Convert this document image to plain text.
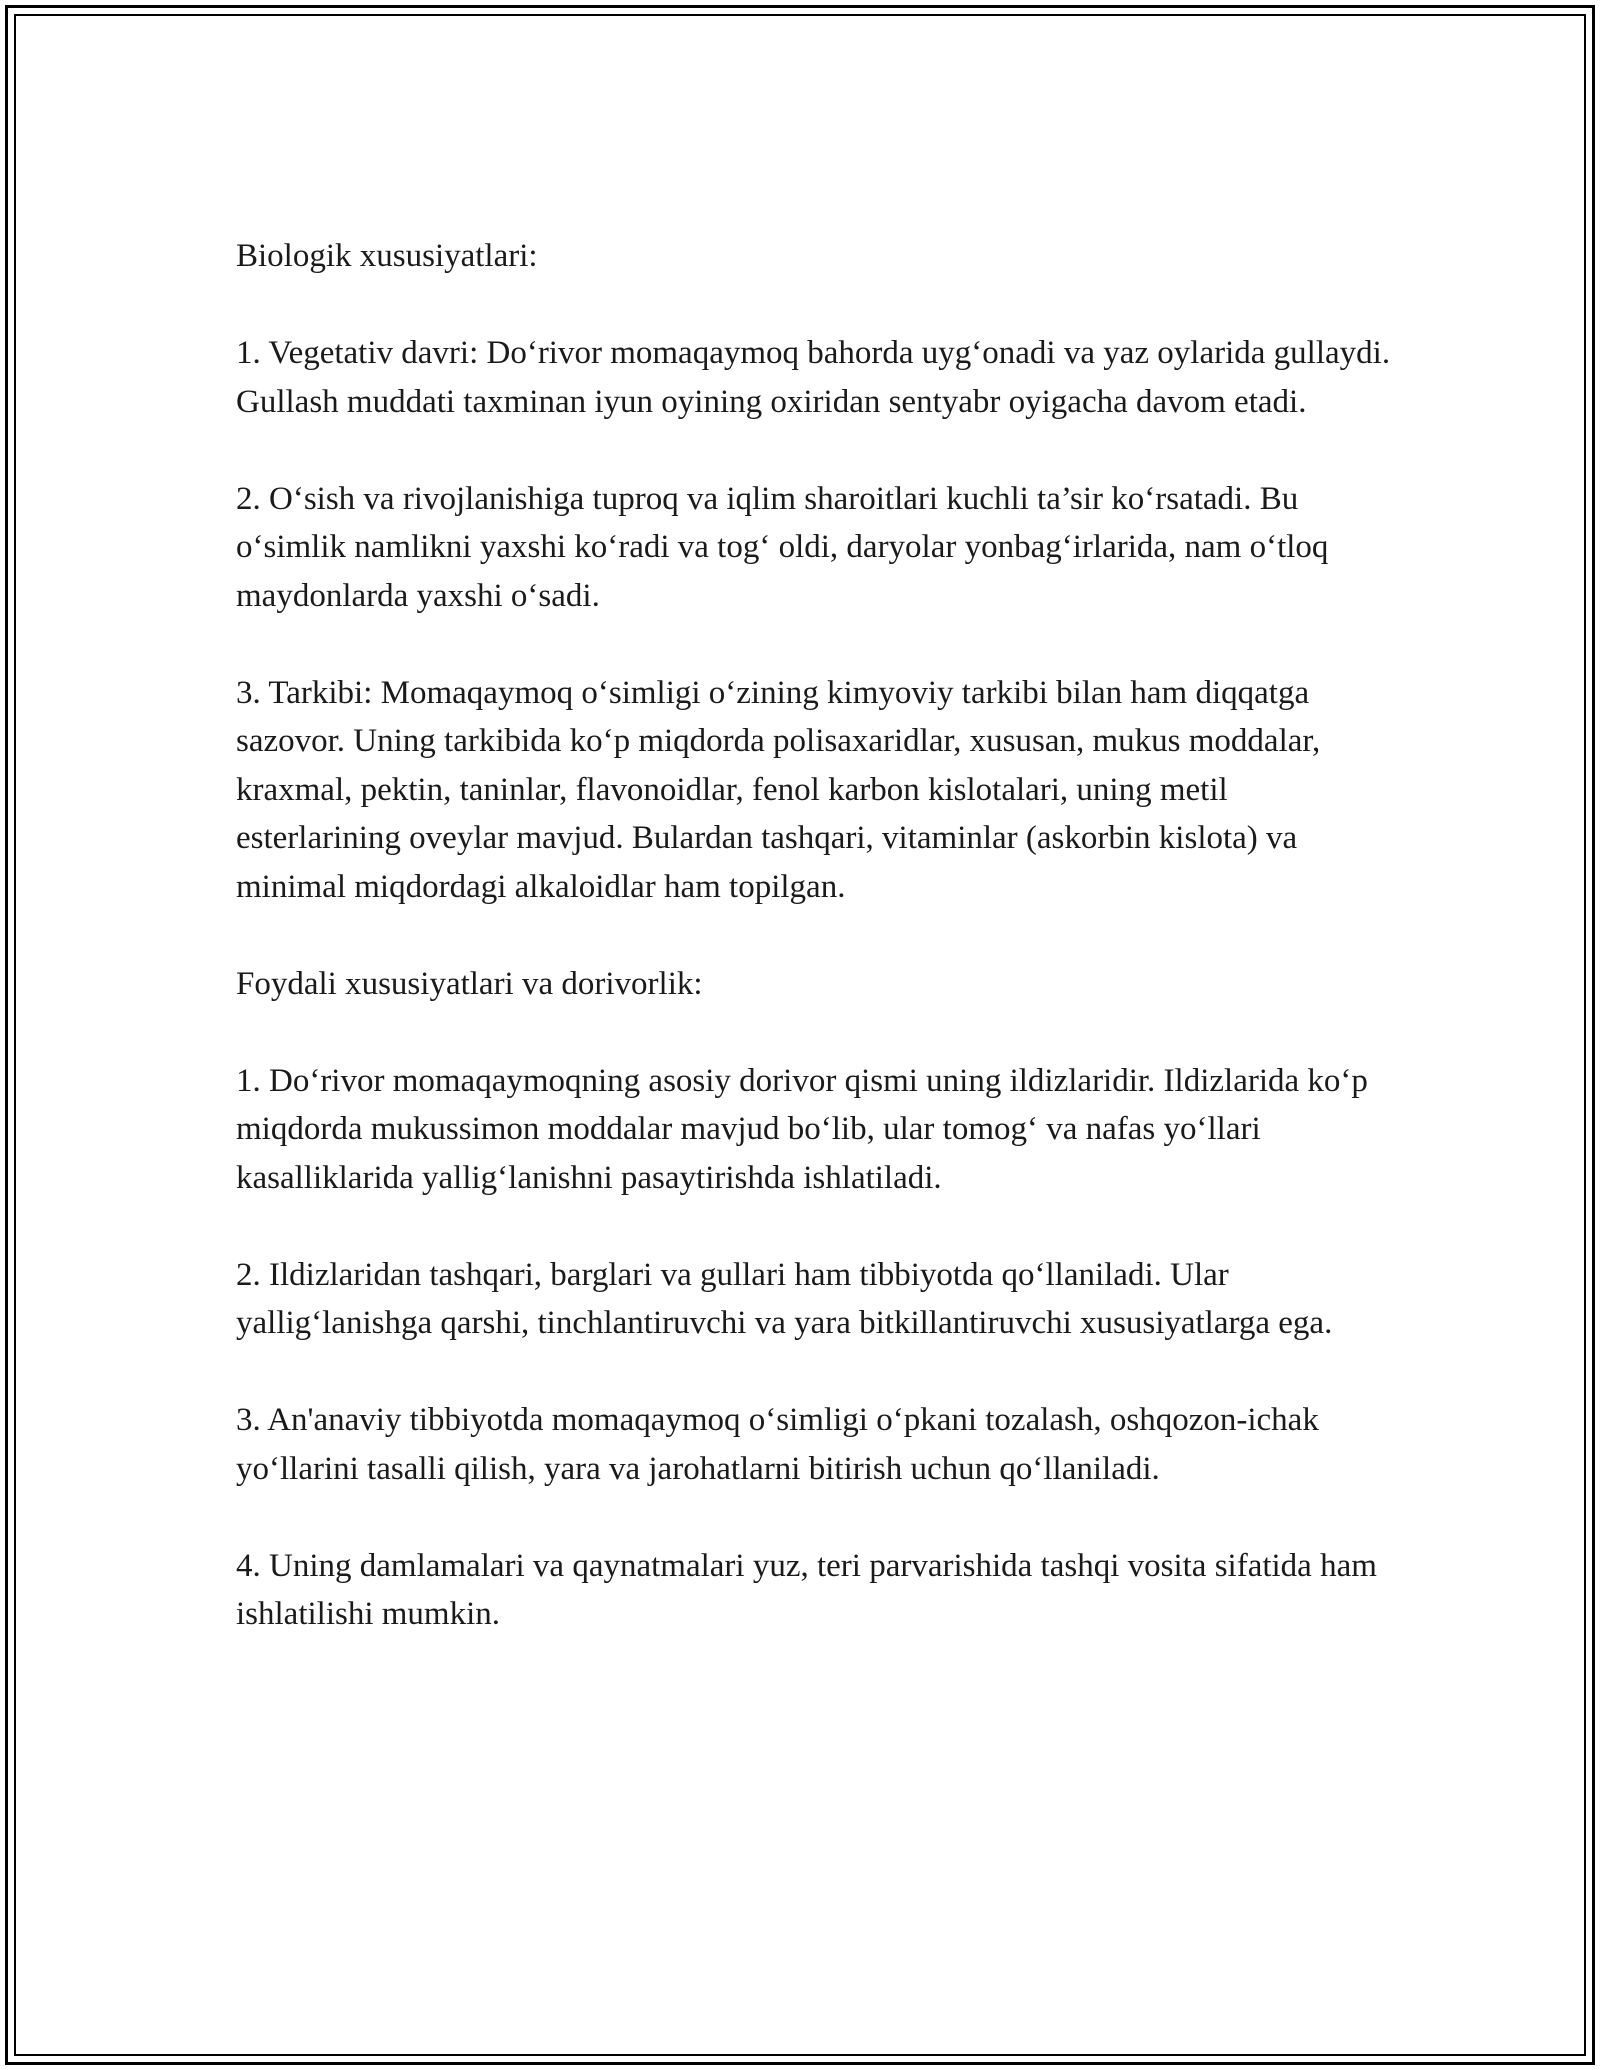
Biologik xususiyatlari:

1. Vegetativ davri: Do‘rivor momaqaymoq bahorda uyg‘onadi va yaz oylarida gullaydi. Gullash muddati taxminan iyun oyining oxiridan sentyabr oyigacha davom etadi.

2. O‘sish va rivojlanishiga tuproq va iqlim sharoitlari kuchli ta’sir ko‘rsatadi. Bu o‘simlik namlikni yaxshi ko‘radi va tog‘ oldi, daryolar yonbag‘irlarida, nam o‘tloq maydonlarda yaxshi o‘sadi.

3. Tarkibi: Momaqaymoq o‘simligi o‘zining kimyoviy tarkibi bilan ham diqqatga sazovor. Uning tarkibida ko‘p miqdorda polisaxaridlar, xususan, mukus moddalar, kraxmal, pektin, taninlar, flavonoidlar, fenol karbon kislotalari, uning metil esterlarining oveylar mavjud. Bulardan tashqari, vitaminlar (askorbin kislota) va minimal miqdordagi alkaloidlar ham topilgan.

Foydali xususiyatlari va dorivorlik:

1. Do‘rivor momaqaymoqning asosiy dorivor qismi uning ildizlaridir. Ildizlarida ko‘p miqdorda mukussimon moddalar mavjud bo‘lib, ular tomog‘ va nafas yo‘llari kasalliklarida yallig‘lanishni pasaytirishda ishlatiladi.

2. Ildizlaridan tashqari, barglari va gullari ham tibbiyotda qo‘llaniladi. Ular yallig‘lanishga qarshi, tinchlantiruvchi va yara bitkillantiruvchi xususiyatlarga ega.

3. An'anaviy tibbiyotda momaqaymoq o‘simligi o‘pkani tozalash, oshqozon-ichak yo‘llarini tasalli qilish, yara va jarohatlarni bitirish uchun qo‘llaniladi.

4. Uning damlamalari va qaynatmalari yuz, teri parvarishida tashqi vosita sifatida ham ishlatilishi mumkin.
